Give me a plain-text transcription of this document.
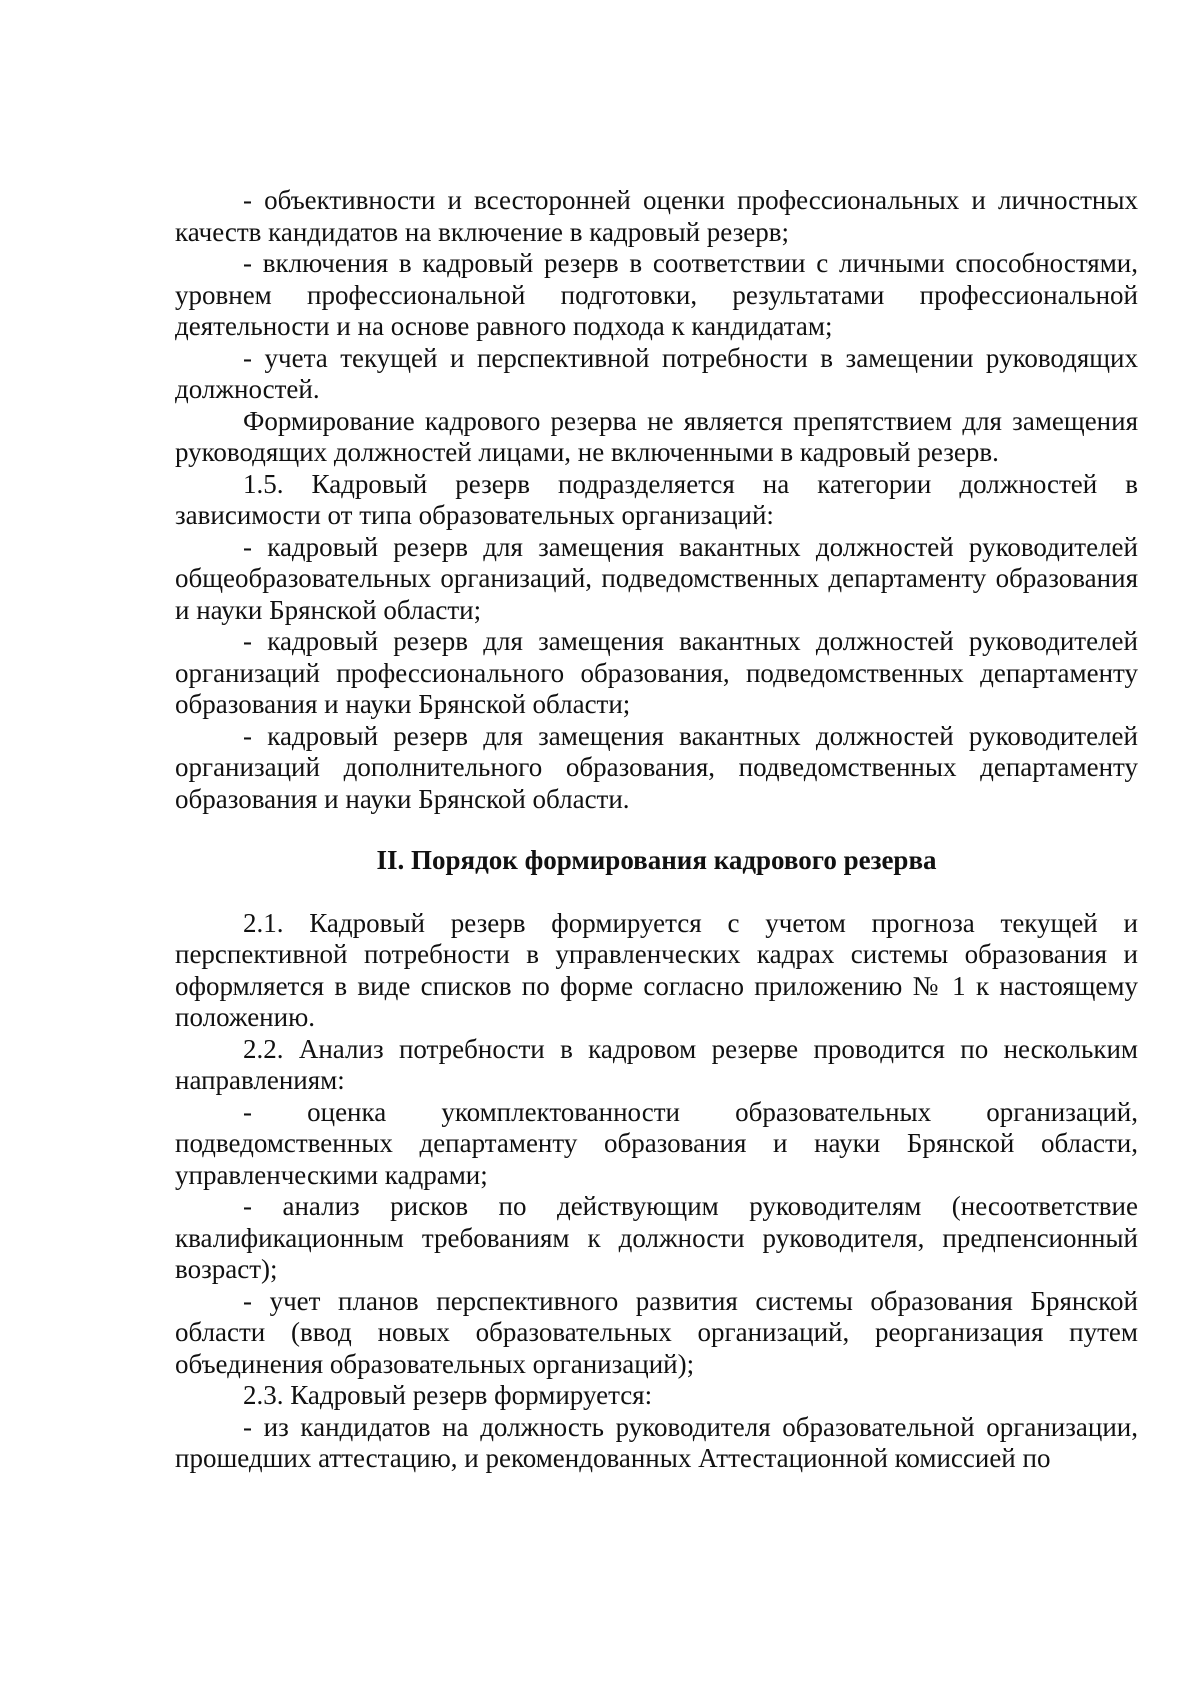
- объективности и всесторонней оценки профессиональных и личностных качеств кандидатов на включение в кадровый резерв;

- включения в кадровый резерв в соответствии с личными способностями, уровнем профессиональной подготовки, результатами профессиональной деятельности и на основе равного подхода к кандидатам;

- учета текущей и перспективной потребности в замещении руководящих должностей.

Формирование кадрового резерва не является препятствием для замещения руководящих должностей лицами, не включенными в кадровый резерв.

1.5. Кадровый резерв подразделяется на категории должностей в зависимости от типа образовательных организаций:

- кадровый резерв для замещения вакантных должностей руководителей общеобразовательных организаций, подведомственных департаменту образования и науки Брянской области;

- кадровый резерв для замещения вакантных должностей руководителей организаций профессионального образования, подведомственных департаменту образования и науки Брянской области;

- кадровый резерв для замещения вакантных должностей руководителей организаций дополнительного образования, подведомственных департаменту образования и науки Брянской области.

II. Порядок формирования кадрового резерва

2.1. Кадровый резерв формируется с учетом прогноза текущей и перспективной потребности в управленческих кадрах системы образования и оформляется в виде списков по форме согласно приложению № 1 к настоящему положению.

2.2. Анализ потребности в кадровом резерве проводится по нескольким направлениям:

- оценка укомплектованности образовательных организаций, подведомственных департаменту образования и науки Брянской области, управленческими кадрами;

- анализ рисков по действующим руководителям (несоответствие квалификационным требованиям к должности руководителя, предпенсионный возраст);

- учет планов перспективного развития системы образования Брянской области (ввод новых образовательных организаций, реорганизация путем объединения образовательных организаций);

2.3. Кадровый резерв формируется:

- из кандидатов на должность руководителя образовательной организации, прошедших аттестацию, и рекомендованных Аттестационной комиссией по
